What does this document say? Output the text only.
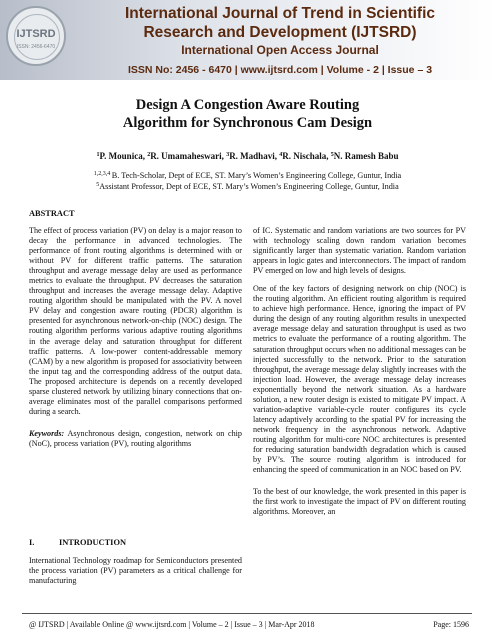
IJTSRD
ISSN: 2456-6470
International Journal of Trend in Scientific
Research and Development (IJTSRD)
International Open Access Journal
ISSN No: 2456 - 6470 | www.ijtsrd.com | Volume - 2 | Issue – 3
Design A Congestion Aware Routing
Algorithm for Synchronous Cam Design
$^1$P. Mounica, $^2$R. Umamaheswari, $^3$R. Madhavi, $^4$R. Nischala, $^5$N. Ramesh Babu
$^{1,2,3,4}$ B. Tech-Scholar, Dept of ECE, ST. Mary’s Women’s Engineering College, Guntur, India
$^5$Assistant Professor, Dept of ECE, ST. Mary’s Women’s Engineering College, Guntur, India
ABSTRACT

The effect of process variation (PV) on delay is a major reason to decay the performance in advanced technologies. The performance of front routing algorithms is determined with or without PV for different traffic patterns. The saturation throughput and average message delay are used as performance metrics to evaluate the throughput. PV decreases the saturation throughput and increases the average message delay. Adaptive routing algorithm should be manipulated with the PV. A novel PV delay and congestion aware routing (PDCR) algorithm is presented for asynchronous network-on-chip (NOC) design. The routing algorithm performs various adaptive routing algorithms in the average delay and saturation throughput for different traffic patterns. A low-power content-addressable memory (CAM) by a new algorithm is proposed for associativity between the input tag and the corresponding address of the output data. The proposed architecture is depends on a recently developed sparse clustered network by utilizing binary connections that on-average eliminates most of the parallel comparisons performed during a search.

Keywords: Asynchronous design, congestion, network on chip (NoC), process variation (PV), routing algorithms

I.	INTRODUCTION

International Technology roadmap for Semiconductors presented the process variation (PV) parameters as a critical challenge for manufacturing

of IC. Systematic and random variations are two sources for PV with technology scaling down random variation becomes significantly larger than systematic variation. Random variation appears in logic gates and interconnectors. The impact of random PV emerged on low and high levels of designs.

One of the key factors of designing network on chip (NOC) is the routing algorithm. An efficient routing algorithm is required to achieve high performance. Hence, ignoring the impact of PV during the design of any routing algorithm results in unexpected average message delay and saturation throughput is used as two metrics to evaluate the performance of a routing algorithm. The saturation throughput occurs when no additional messages can be injected successfully to the network. Prior to the saturation throughput, the average message delay slightly increases with the injection load. However, the average message delay increases exponentially beyond the network situation. As a hardware solution, a new router design is existed to mitigate PV impact. A variation-adaptive variable-cycle router configures its cycle latency adaptively according to the spatial PV for increasing the network frequency in the asynchronous network. Adaptive routing algorithm for multi-core NOC architectures is presented for reducing saturation bandwidth degradation which is caused by PV’s. The source routing algorithm is introduced for enhancing the speed of communication in an NOC based on PV.

To the best of our knowledge, the work presented in this paper is the first work to investigate the impact of PV on different routing algorithms. Moreover, an

@ IJTSRD | Available Online @ www.ijtsrd.com | Volume – 2 | Issue – 3 | Mar-Apr 2018	Page: 1596
